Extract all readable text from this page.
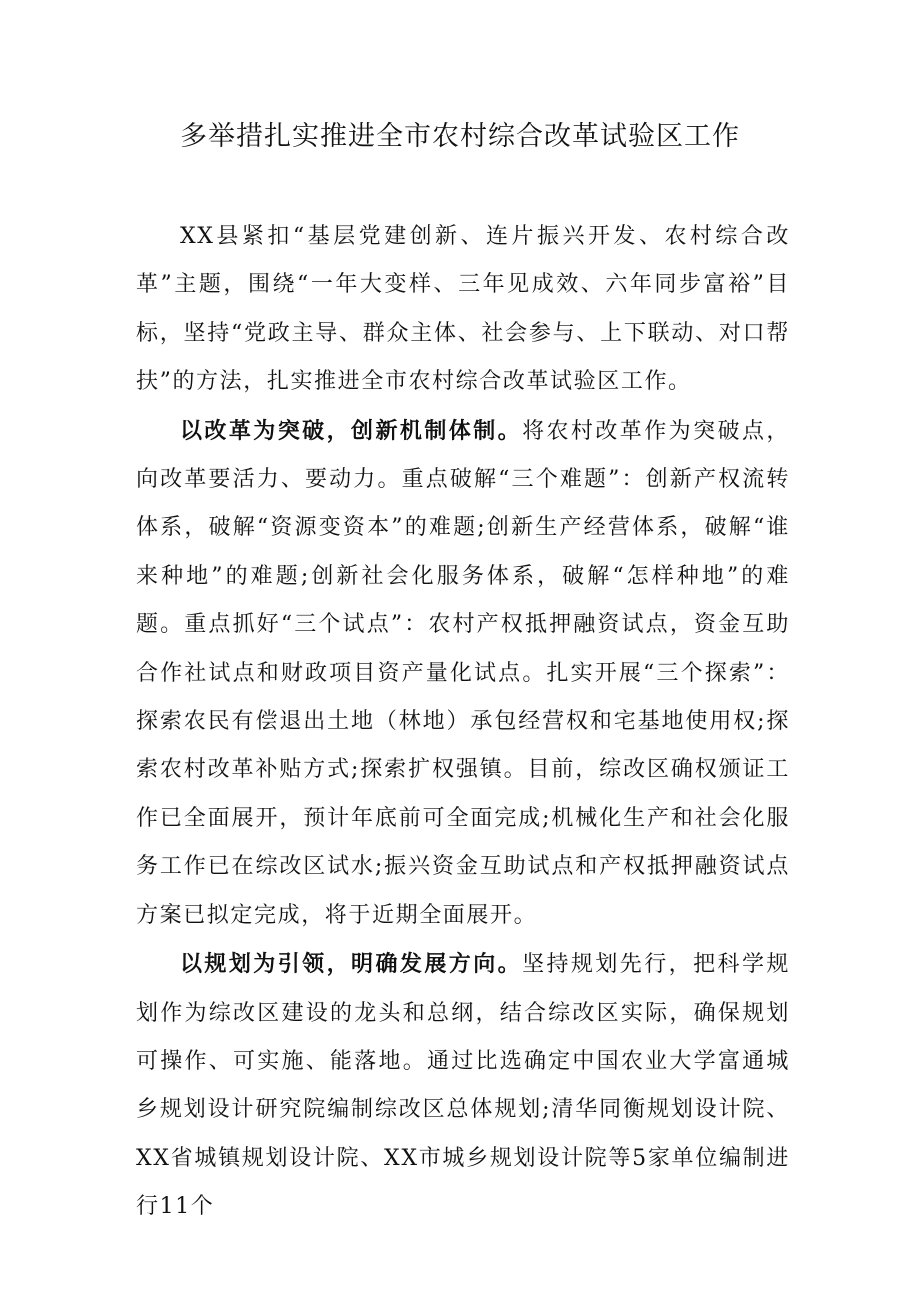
多举措扎实推进全市农村综合改革试验区工作

XX县紧扣“基层党建创新、连片振兴开发、农村综合改革”主题，围绕“一年大变样、三年见成效、六年同步富裕”目标，坚持“党政主导、群众主体、社会参与、上下联动、对口帮扶”的方法，扎实推进全市农村综合改革试验区工作。

以改革为突破，创新机制体制。将农村改革作为突破点，向改革要活力、要动力。重点破解“三个难题”：创新产权流转体系，破解“资源变资本”的难题;创新生产经营体系，破解“谁来种地”的难题;创新社会化服务体系，破解“怎样种地”的难题。重点抓好“三个试点”：农村产权抵押融资试点，资金互助合作社试点和财政项目资产量化试点。扎实开展“三个探索”：探索农民有偿退出土地（林地）承包经营权和宅基地使用权;探索农村改革补贴方式;探索扩权强镇。目前，综改区确权颁证工作已全面展开，预计年底前可全面完成;机械化生产和社会化服务工作已在综改区试水;振兴资金互助试点和产权抵押融资试点方案已拟定完成，将于近期全面展开。

以规划为引领，明确发展方向。坚持规划先行，把科学规划作为综改区建设的龙头和总纲，结合综改区实际，确保规划可操作、可实施、能落地。通过比选确定中国农业大学富通城乡规划设计研究院编制综改区总体规划;清华同衡规划设计院、XX省城镇规划设计院、XX市城乡规划设计院等5家单位编制进行11个
